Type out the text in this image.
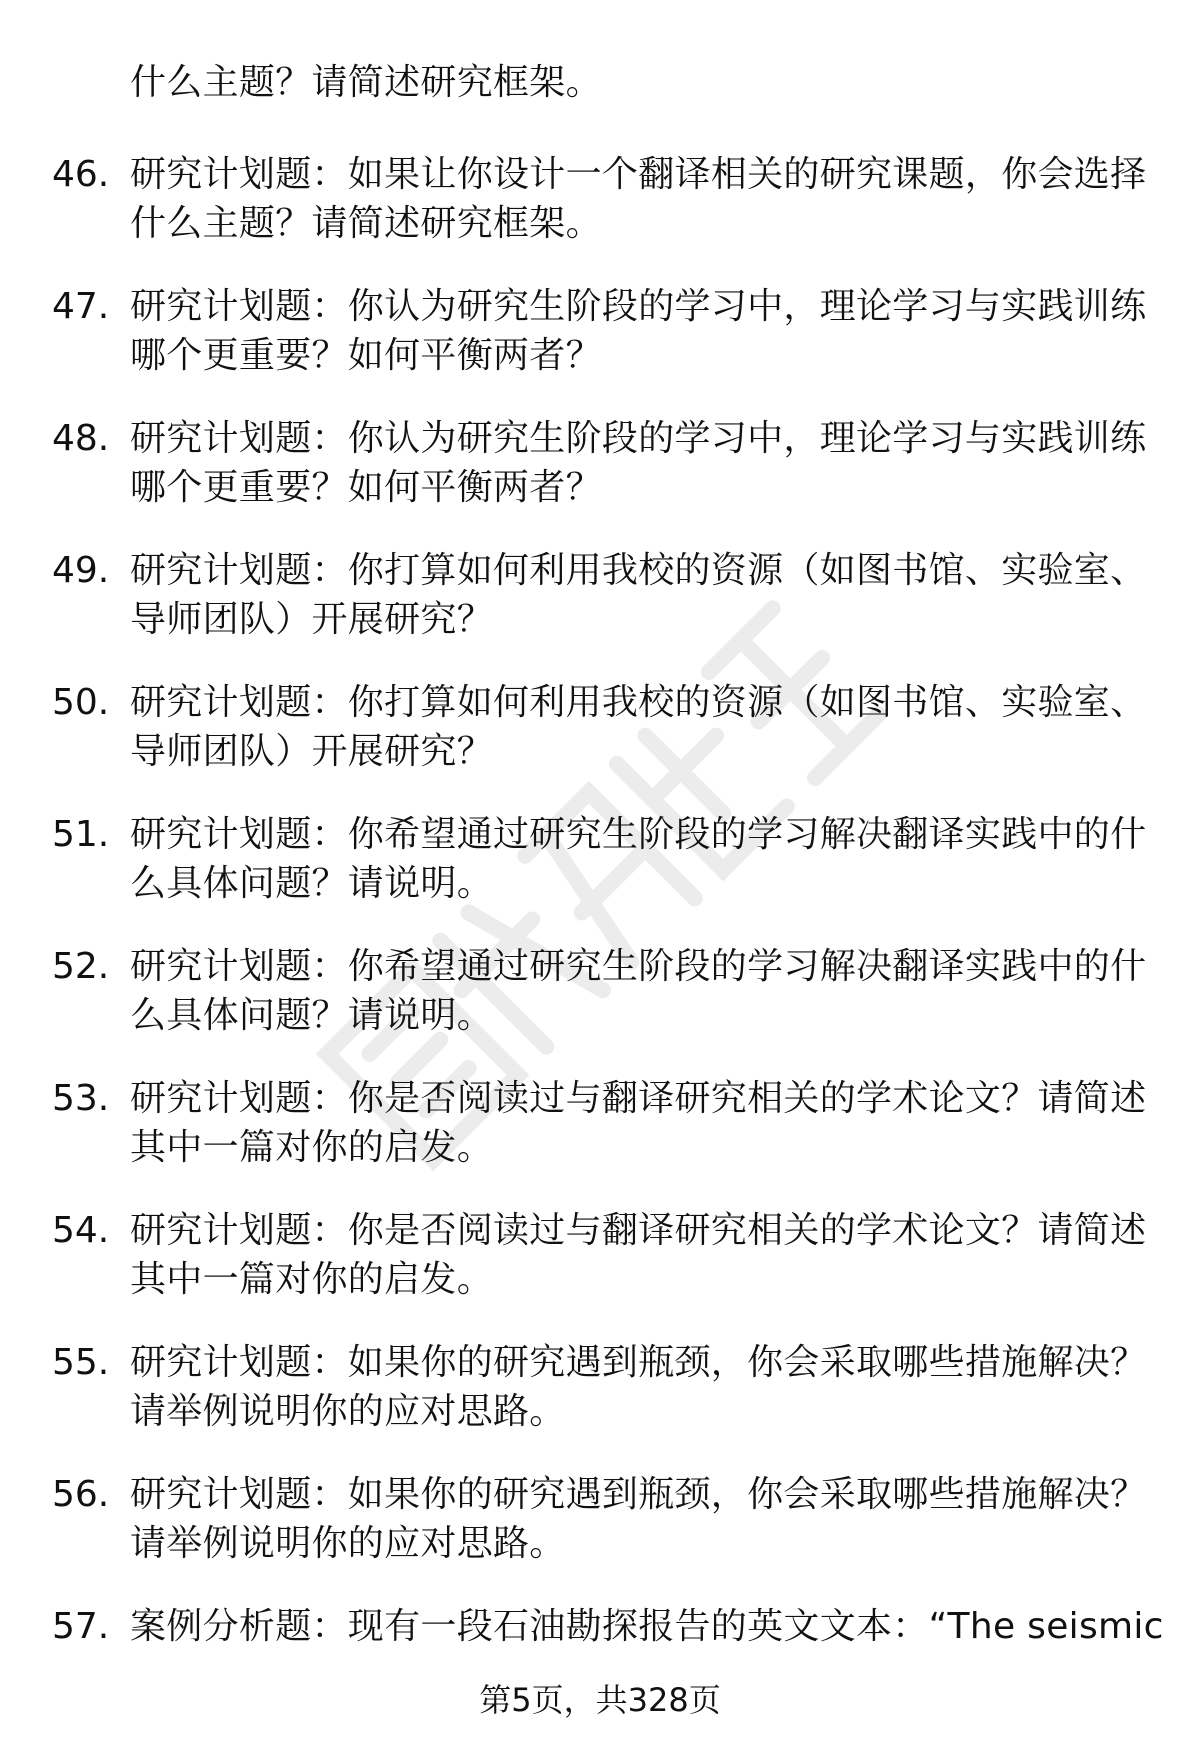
什么主题？请简述研究框架。
46. 研究计划题：如果让你设计一个翻译相关的研究课题，你会选择什么主题？请简述研究框架。
47. 研究计划题：你认为研究生阶段的学习中，理论学习与实践训练哪个更重要？如何平衡两者？
48. 研究计划题：你认为研究生阶段的学习中，理论学习与实践训练哪个更重要？如何平衡两者？
49. 研究计划题：你打算如何利用我校的资源（如图书馆、实验室、导师团队）开展研究？
50. 研究计划题：你打算如何利用我校的资源（如图书馆、实验室、导师团队）开展研究？
51. 研究计划题：你希望通过研究生阶段的学习解决翻译实践中的什么具体问题？请说明。
52. 研究计划题：你希望通过研究生阶段的学习解决翻译实践中的什么具体问题？请说明。
53. 研究计划题：你是否阅读过与翻译研究相关的学术论文？请简述其中一篇对你的启发。
54. 研究计划题：你是否阅读过与翻译研究相关的学术论文？请简述其中一篇对你的启发。
55. 研究计划题：如果你的研究遇到瓶颈，你会采取哪些措施解决？请举例说明你的应对思路。
56. 研究计划题：如果你的研究遇到瓶颈，你会采取哪些措施解决？请举例说明你的应对思路。
57. 案例分析题：现有一段石油勘探报告的英文文本：“The seismic
第5页，共328页
